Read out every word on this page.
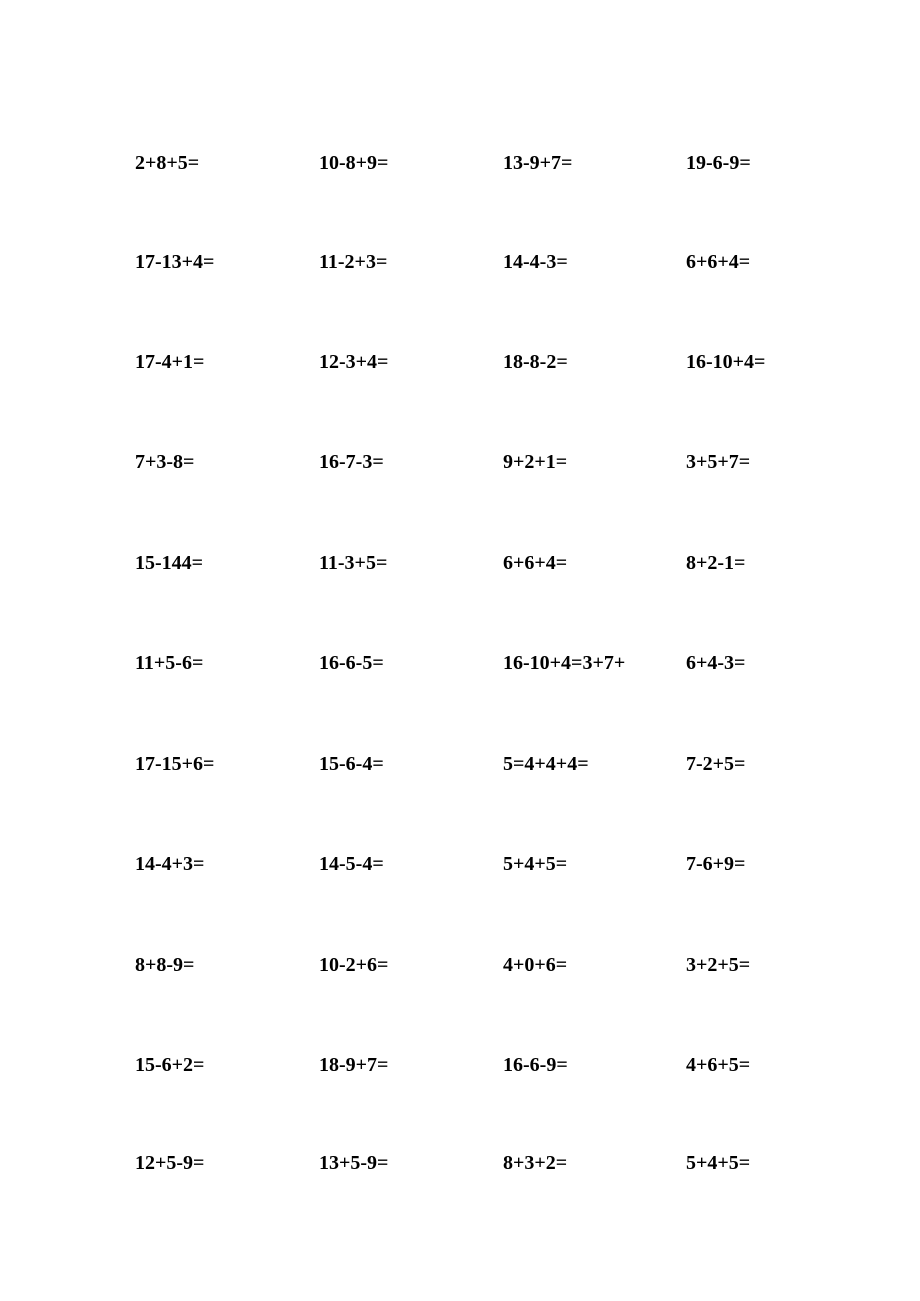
2+8+5=	10-8+9=	13-9+7=	19-6-9=
17-13+4=	11-2+3=	14-4-3=	6+6+4=
17-4+1=	12-3+4=	18-8-2=	16-10+4=
7+3-8=	16-7-3=	9+2+1=	3+5+7=
15-144=	11-3+5=	6+6+4=	8+2-1=
11+5-6=	16-6-5=	16-10+4=3+7+	6+4-3=
17-15+6=	15-6-4=	5=4+4+4=	7-2+5=
14-4+3=	14-5-4=	5+4+5=	7-6+9=
8+8-9=	10-2+6=	4+0+6=	3+2+5=
15-6+2=	18-9+7=	16-6-9=	4+6+5=
12+5-9=	13+5-9=	8+3+2=	5+4+5=
